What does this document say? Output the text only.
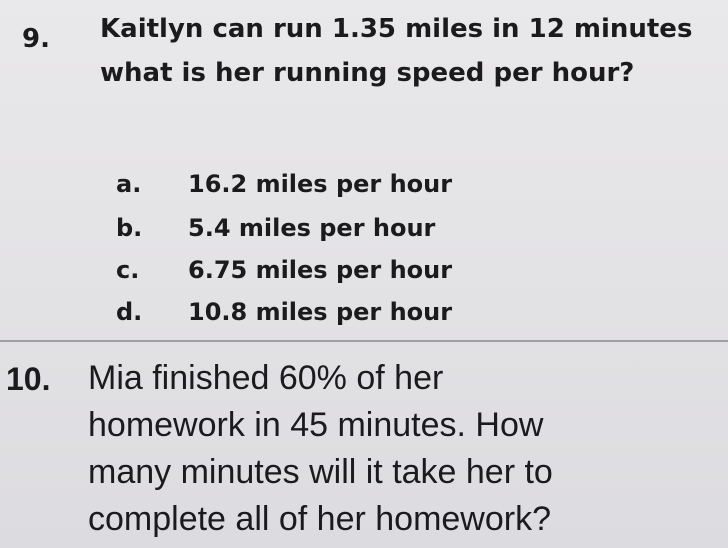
9. Kaitlyn can run 1.35 miles in 12 minutes
what is her running speed per hour?
a. 16.2 miles per hour
b. 5.4 miles per hour
c. 6.75 miles per hour
d. 10.8 miles per hour
10. Mia finished 60% of her
homework in 45 minutes. How
many minutes will it take her to
complete all of her homework?
